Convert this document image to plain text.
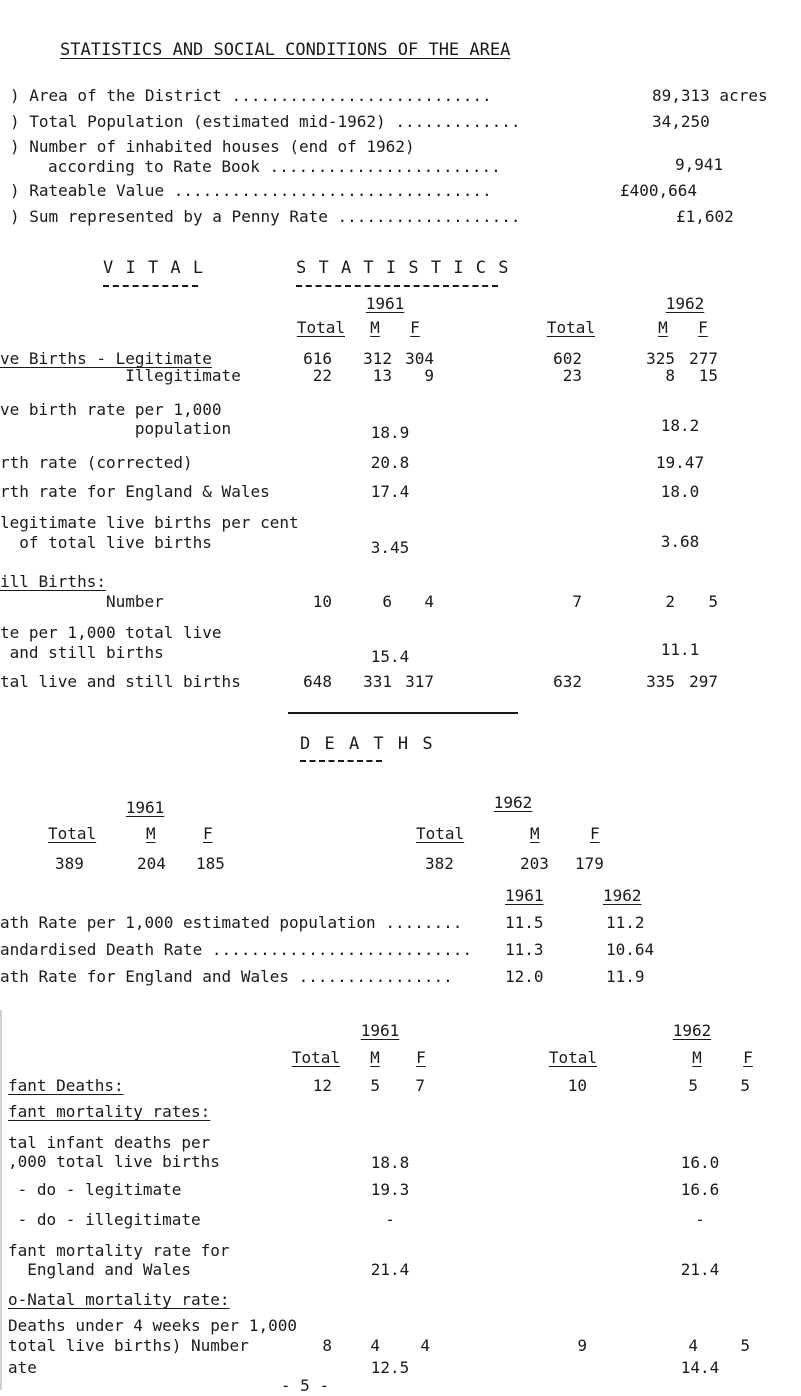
STATISTICS AND SOCIAL CONDITIONS OF THE AREA
) Area of the District ...........................	89,313 acres
) Total Population (estimated mid-1962) .............	34,250
) Number of inhabited houses (end of 1962)
according to Rate Book ........................	9,941
) Rateable Value .................................	£400,664
) Sum represented by a Penny Rate ...................	£1,602
V I T A L	S T A T I S T I C S
1961	1962
Total	M	F	Total	M	F
ve Births - Legitimate	616	312 304	602	325 277
Illegitimate	22	13	9	23	8	15
ve birth rate per 1,000
population	18.9	18.2
rth rate (corrected)	20.8	19.47
rth rate for England & Wales	17.4	18.0
legitimate live births per cent
of total live births	3.45	3.68
ill Births:
Number	10	6	4	7	2	5
te per 1,000 total live
and still births	15.4	11.1
tal live and still births	648	331 317	632	335 297
D E A T H S
1961	1962
Total	M	F	Total	M	F
389	204 185	382	203 179
1961	1962
ath Rate per 1,000 estimated population ........ 11.5	11.2
andardised Death Rate ........................... 11.3	10.64
ath Rate for England and Wales ................	12.0	11.9
1961	1962
Total	M	F	Total	M	F
fant Deaths:	12	5	7	10	5	5
fant mortality rates:
tal infant deaths per
,000 total live births	18.8	16.0
- do - legitimate	19.3	16.6
- do - illegitimate	-	-
fant mortality rate for
England and Wales	21.4	21.4
o-Natal mortality rate:
Deaths under 4 weeks per 1,000
total live births) Number	8	4	4	9	4	5
ate	12.5	14.4
- 5 -
